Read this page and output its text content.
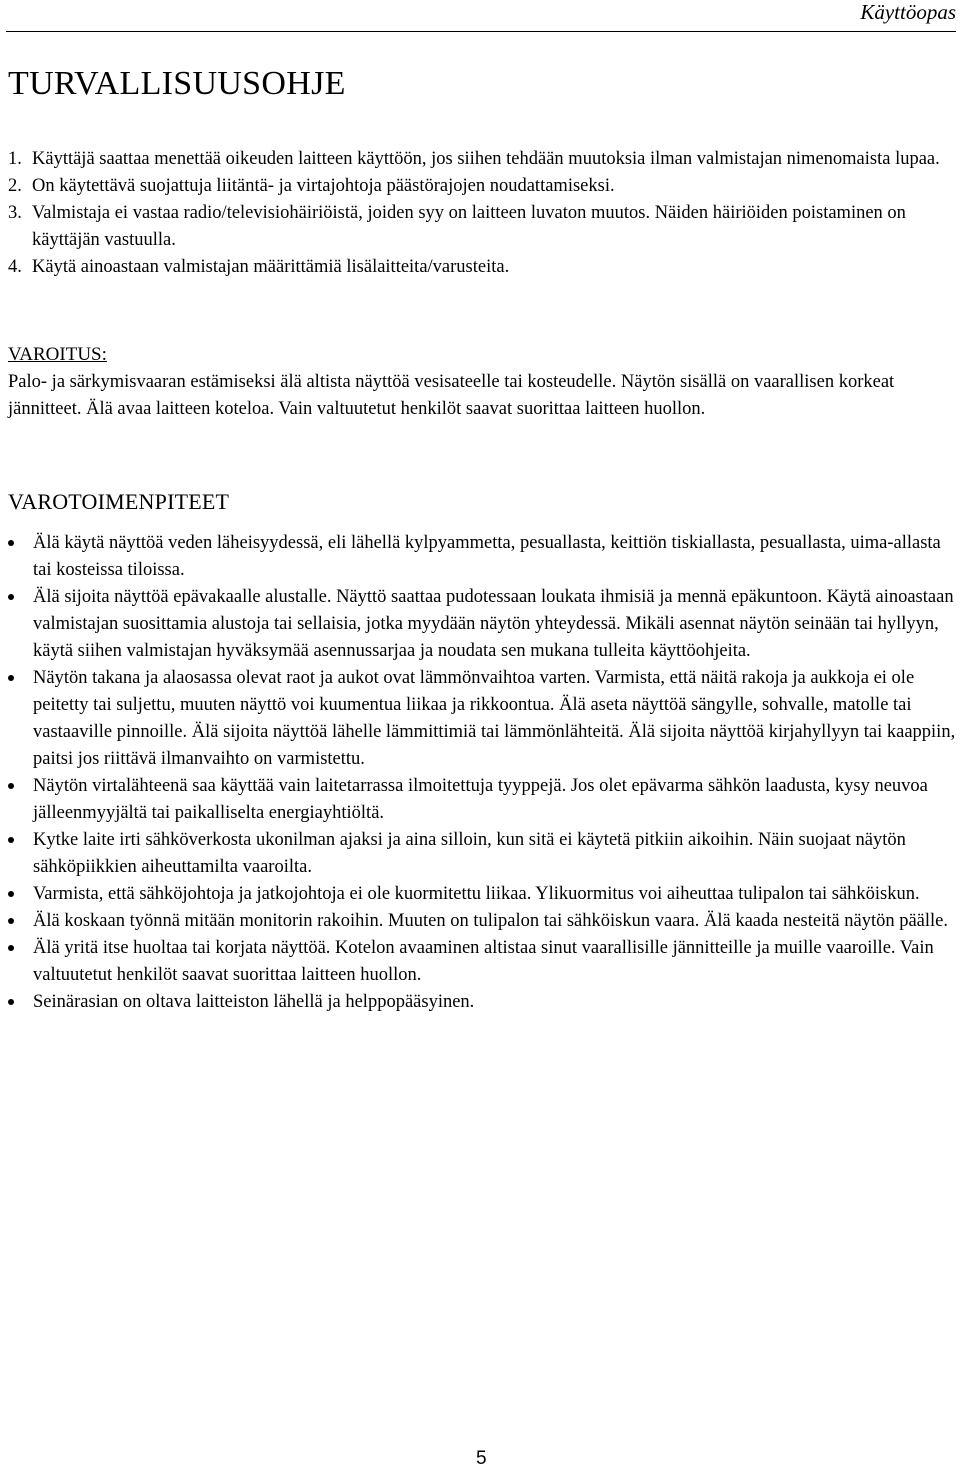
Käyttöopas
TURVALLISUUSOHJE
1. Käyttäjä saattaa menettää oikeuden laitteen käyttöön, jos siihen tehdään muutoksia ilman valmistajan nimenomaista lupaa.
2. On käytettävä suojattuja liitäntä- ja virtajohtoja päästörajojen noudattamiseksi.
3. Valmistaja ei vastaa radio/televisiohäiriöistä, joiden syy on laitteen luvaton muutos. Näiden häiriöiden poistaminen on käyttäjän vastuulla.
4. Käytä ainoastaan valmistajan määrittämiä lisälaitteita/varusteita.
VAROITUS:

Palo- ja särkymisvaaran estämiseksi älä altista näyttöä vesisateelle tai kosteudelle. Näytön sisällä on vaarallisen korkeat jännitteet. Älä avaa laitteen koteloa. Vain valtuutetut henkilöt saavat suorittaa laitteen huollon.

VAROTOIMENPITEET
Älä käytä näyttöä veden läheisyydessä, eli lähellä kylpyammetta, pesuallasta, keittiön tiskiallasta, pesuallasta, uima-allasta tai kosteissa tiloissa.
Älä sijoita näyttöä epävakaalle alustalle. Näyttö saattaa pudotessaan loukata ihmisiä ja mennä epäkuntoon. Käytä ainoastaan valmistajan suosittamia alustoja tai sellaisia, jotka myydään näytön yhteydessä. Mikäli asennat näytön seinään tai hyllyyn, käytä siihen valmistajan hyväksymää asennussarjaa ja noudata sen mukana tulleita käyttöohjeita.
Näytön takana ja alaosassa olevat raot ja aukot ovat lämmönvaihtoa varten. Varmista, että näitä rakoja ja aukkoja ei ole peitetty tai suljettu, muuten näyttö voi kuumentua liikaa ja rikkoontua. Älä aseta näyttöä sängylle, sohvalle, matolle tai vastaaville pinnoille. Älä sijoita näyttöä lähelle lämmittimiä tai lämmönlähteitä. Älä sijoita näyttöä kirjahyllyyn tai kaappiin, paitsi jos riittävä ilmanvaihto on varmistettu.
Näytön virtalähteenä saa käyttää vain laitetarrassa ilmoitettuja tyyppejä. Jos olet epävarma sähkön laadusta, kysy neuvoa jälleenmyyjältä tai paikalliselta energiayhtiöltä.
Kytke laite irti sähköverkosta ukonilman ajaksi ja aina silloin, kun sitä ei käytetä pitkiin aikoihin. Näin suojaat näytön sähköpiikkien aiheuttamilta vaaroilta.
Varmista, että sähköjohtoja ja jatkojohtoja ei ole kuormitettu liikaa. Ylikuormitus voi aiheuttaa tulipalon tai sähköiskun.
Älä koskaan työnnä mitään monitorin rakoihin. Muuten on tulipalon tai sähköiskun vaara. Älä kaada nesteitä näytön päälle.
Älä yritä itse huoltaa tai korjata näyttöä. Kotelon avaaminen altistaa sinut vaarallisille jännitteille ja muille vaaroille. Vain valtuutetut henkilöt saavat suorittaa laitteen huollon.
Seinärasian on oltava laitteiston lähellä ja helppopääsyinen.
5
